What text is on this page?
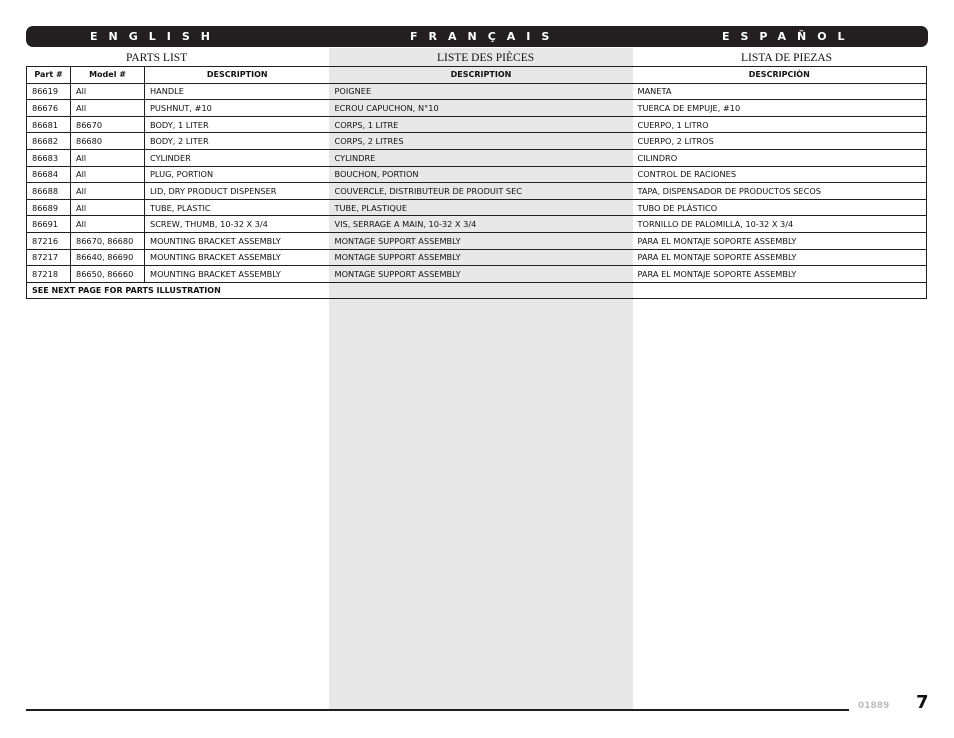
ENGLISH	FRANÇAIS	ESPAÑOL
PARTS LIST	LISTE DES PIÈCES	LISTA DE PIEZAS
Part #	Model #	DESCRIPTION	DESCRIPTION	DESCRIPCIÒN
86619	All	HANDLE	POIGNEE	MANETA
86676	All	PUSHNUT, #10	ECROU CAPUCHON, N°10	TUERCA DE EMPUJE, #10
86681	86670	BODY, 1 LITER	CORPS, 1 LITRE	CUERPO, 1 LITRO
86682	86680	BODY, 2 LITER	CORPS, 2 LITRES	CUERPO, 2 LITROS
86683	All	CYLINDER	CYLINDRE	CILINDRO
86684	All	PLUG, PORTION	BOUCHON, PORTION	CONTROL DE RACIONES
86688	All	LID, DRY PRODUCT DISPENSER	COUVERCLE, DISTRIBUTEUR DE PRODUIT SEC	TAPA, DISPENSADOR DE PRODUCTOS SECOS
86689	All	TUBE, PLASTIC	TUBE, PLASTIQUE	TUBO DE PLÁSTICO
86691	All	SCREW, THUMB, 10-32 X 3/4	VIS, SERRAGE A MAIN, 10-32 X 3/4	TORNILLO DE PALOMILLA, 10-32 X 3/4
87216	86670, 86680	MOUNTING BRACKET ASSEMBLY	MONTAGE SUPPORT ASSEMBLY	PARA EL MONTAJE SOPORTE ASSEMBLY
87217	86640, 86690	MOUNTING BRACKET ASSEMBLY	MONTAGE SUPPORT ASSEMBLY	PARA EL MONTAJE SOPORTE ASSEMBLY
87218	86650, 86660	MOUNTING BRACKET ASSEMBLY	MONTAGE SUPPORT ASSEMBLY	PARA EL MONTAJE SOPORTE ASSEMBLY
SEE NEXT PAGE FOR PARTS ILLUSTRATION				
01889 7
